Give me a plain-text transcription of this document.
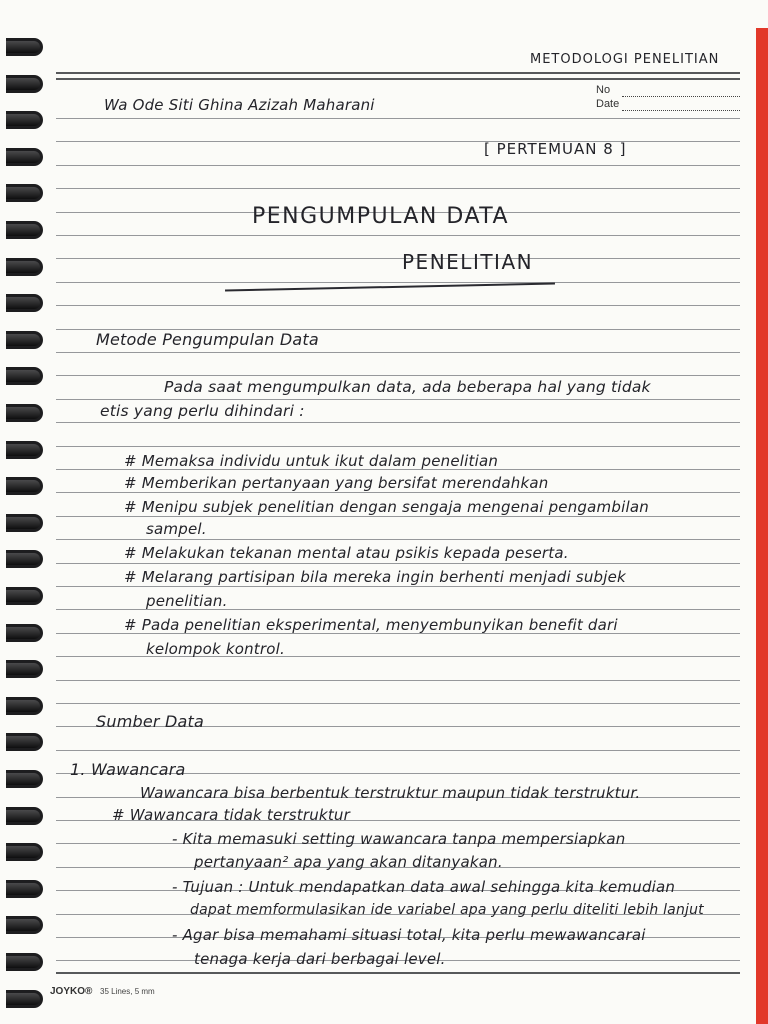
METODOLOGI PENELITIAN
No
Date
Wa Ode Siti Ghina Azizah Maharani
[ PERTEMUAN 8 ]
PENGUMPULAN DATA
PENELITIAN
Metode Pengumpulan Data
Pada saat mengumpulkan data, ada beberapa hal yang tidak
etis yang perlu dihindari :
# Memaksa individu untuk ikut dalam penelitian
# Memberikan pertanyaan yang bersifat merendahkan
# Menipu subjek penelitian dengan sengaja mengenai pengambilan
sampel.
# Melakukan tekanan mental atau psikis kepada peserta.
# Melarang partisipan bila mereka ingin berhenti menjadi subjek
penelitian.
# Pada penelitian eksperimental, menyembunyikan benefit dari
kelompok kontrol.
Sumber Data
1. Wawancara
Wawancara bisa berbentuk terstruktur maupun tidak terstruktur.
# Wawancara tidak terstruktur
- Kita memasuki setting wawancara tanpa mempersiapkan
pertanyaan² apa yang akan ditanyakan.
- Tujuan : Untuk mendapatkan data awal sehingga kita kemudian
dapat memformulasikan ide variabel apa yang perlu diteliti lebih lanjut
- Agar bisa memahami situasi total, kita perlu mewawancarai
tenaga kerja dari berbagai level.
JOYKO® 35 Lines, 5 mm
